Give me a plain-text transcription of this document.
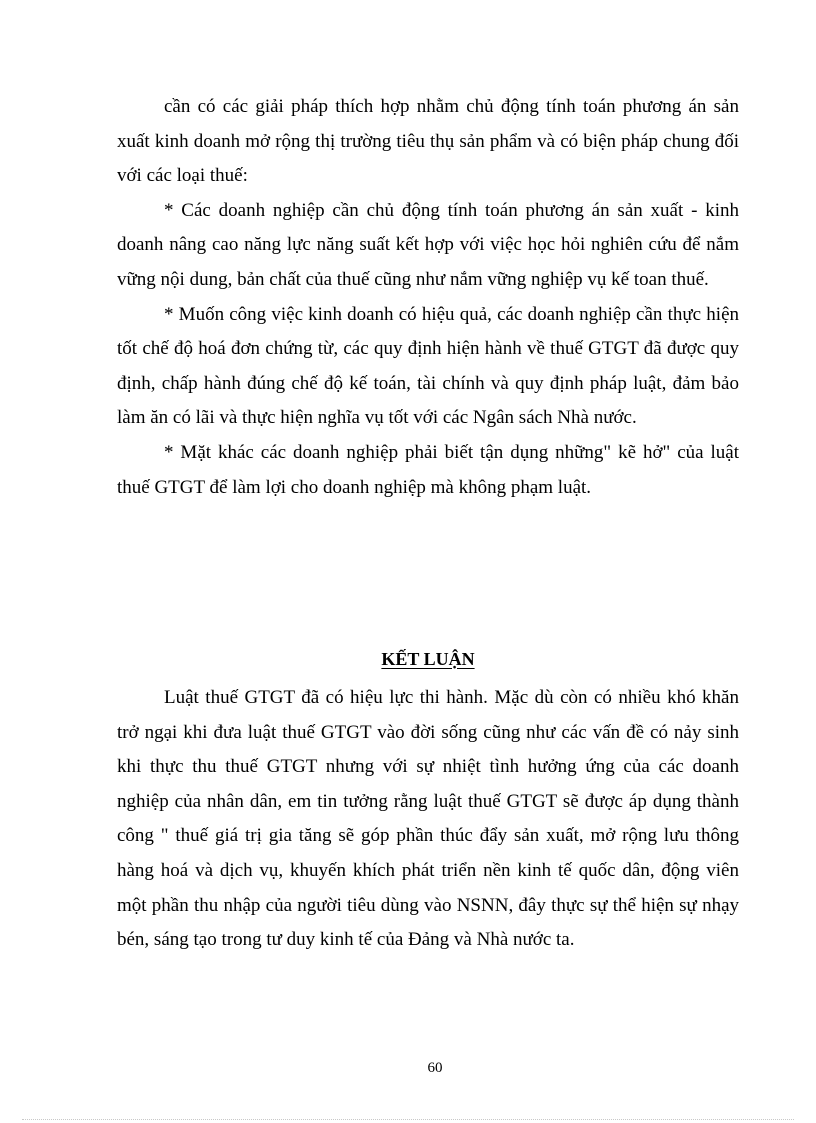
cần có các giải pháp thích hợp nhằm chủ động tính toán phương án sản xuất kinh doanh mở rộng thị trường tiêu thụ sản phẩm và có biện pháp chung đối với các loại thuế:

* Các doanh nghiệp cần chủ động tính toán phương án sản xuất - kinh doanh nâng cao năng lực năng suất kết hợp với việc học hỏi nghiên cứu để nắm vững nội dung, bản chất của thuế cũng như nắm vững nghiệp vụ kế toan thuế.

* Muốn công việc kinh doanh có hiệu quả, các doanh nghiệp cần thực hiện tốt chế độ hoá đơn chứng từ, các quy định hiện hành về thuế GTGT đã được quy định, chấp hành đúng chế độ kế toán, tài chính và quy định pháp luật, đảm bảo làm ăn có lãi và thực hiện nghĩa vụ tốt với các Ngân sách Nhà nước.

* Mặt khác các doanh nghiệp phải biết tận dụng những" kẽ hở" của luật thuế GTGT để làm lợi cho doanh nghiệp mà không phạm luật.

KẾT LUẬN

Luật thuế GTGT đã có hiệu lực thi hành. Mặc dù còn có nhiều khó khăn trở ngại khi đưa luật thuế GTGT vào đời sống cũng như các vấn đề có nảy sinh khi thực thu thuế GTGT nhưng với sự nhiệt tình hưởng ứng của các doanh nghiệp của nhân dân, em tin tưởng rằng luật thuế GTGT sẽ được áp dụng thành công " thuế giá trị gia tăng sẽ góp phần thúc đẩy sản xuất, mở rộng lưu thông hàng hoá và dịch vụ, khuyến khích phát triển nền kinh tế quốc dân, động viên một phần thu nhập của người tiêu dùng vào NSNN, đây thực sự thể hiện sự nhạy bén, sáng tạo trong tư duy kinh tế của Đảng và Nhà nước ta.

60
